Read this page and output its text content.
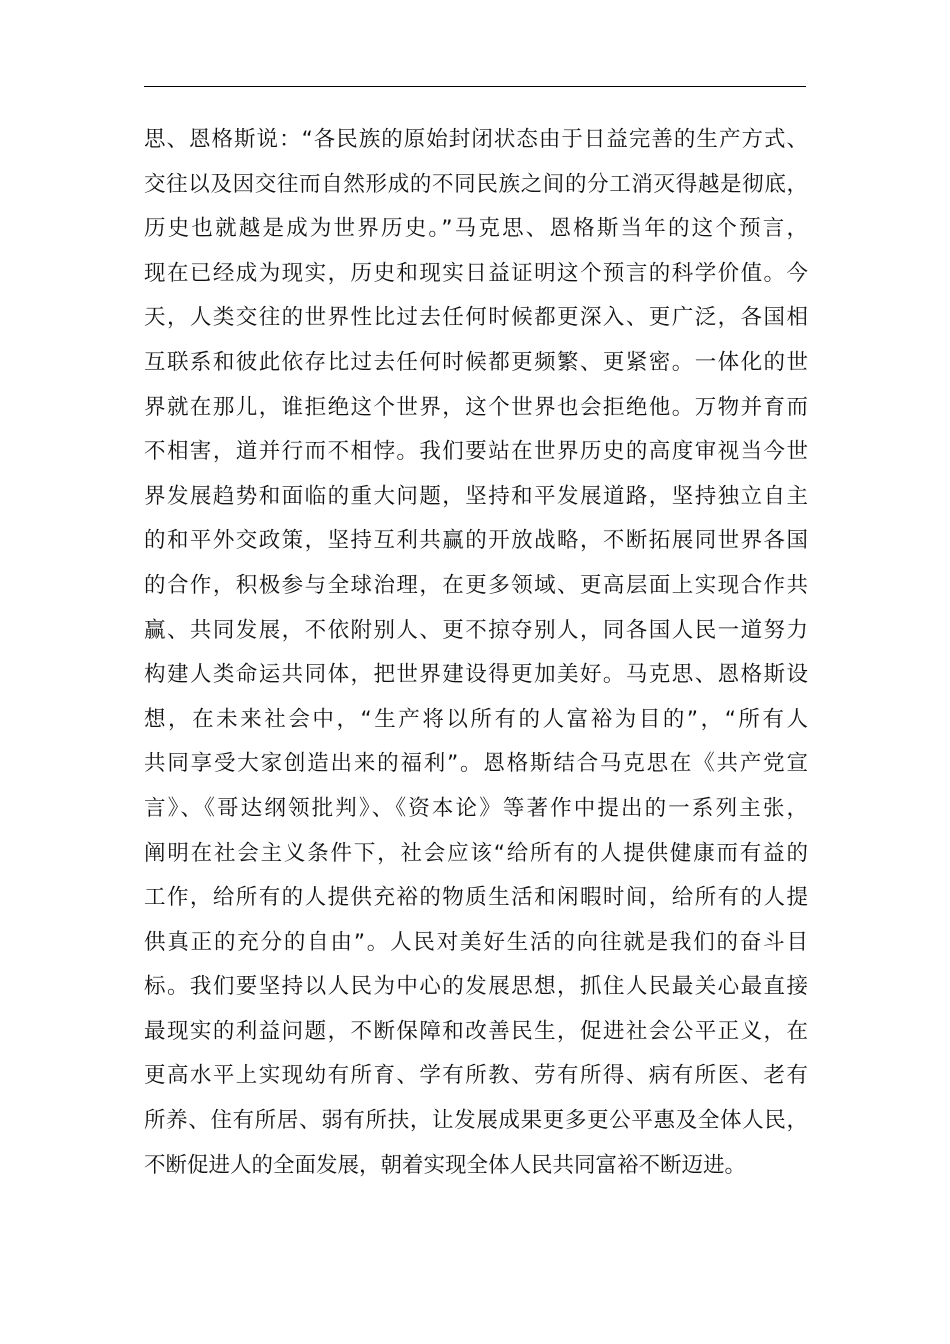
思、恩格斯说：“各民族的原始封闭状态由于日益完善的生产方式、
交往以及因交往而自然形成的不同民族之间的分工消灭得越是彻底，
历史也就越是成为世界历史。”马克思、恩格斯当年的这个预言，
现在已经成为现实，历史和现实日益证明这个预言的科学价值。今
天，人类交往的世界性比过去任何时候都更深入、更广泛，各国相
互联系和彼此依存比过去任何时候都更频繁、更紧密。一体化的世
界就在那儿，谁拒绝这个世界，这个世界也会拒绝他。万物并育而
不相害，道并行而不相悖。我们要站在世界历史的高度审视当今世
界发展趋势和面临的重大问题，坚持和平发展道路，坚持独立自主
的和平外交政策，坚持互利共赢的开放战略，不断拓展同世界各国
的合作，积极参与全球治理，在更多领域、更高层面上实现合作共
赢、共同发展，不依附别人、更不掠夺别人，同各国人民一道努力
构建人类命运共同体，把世界建设得更加美好。马克思、恩格斯设
想，在未来社会中，“生产将以所有的人富裕为目的”，“所有人
共同享受大家创造出来的福利”。恩格斯结合马克思在《共产党宣
言》、《哥达纲领批判》、《资本论》等著作中提出的一系列主张，
阐明在社会主义条件下，社会应该“给所有的人提供健康而有益的
工作，给所有的人提供充裕的物质生活和闲暇时间，给所有的人提
供真正的充分的自由”。人民对美好生活的向往就是我们的奋斗目
标。我们要坚持以人民为中心的发展思想，抓住人民最关心最直接
最现实的利益问题，不断保障和改善民生，促进社会公平正义，在
更高水平上实现幼有所育、学有所教、劳有所得、病有所医、老有
所养、住有所居、弱有所扶，让发展成果更多更公平惠及全体人民，
不断促进人的全面发展，朝着实现全体人民共同富裕不断迈进。
